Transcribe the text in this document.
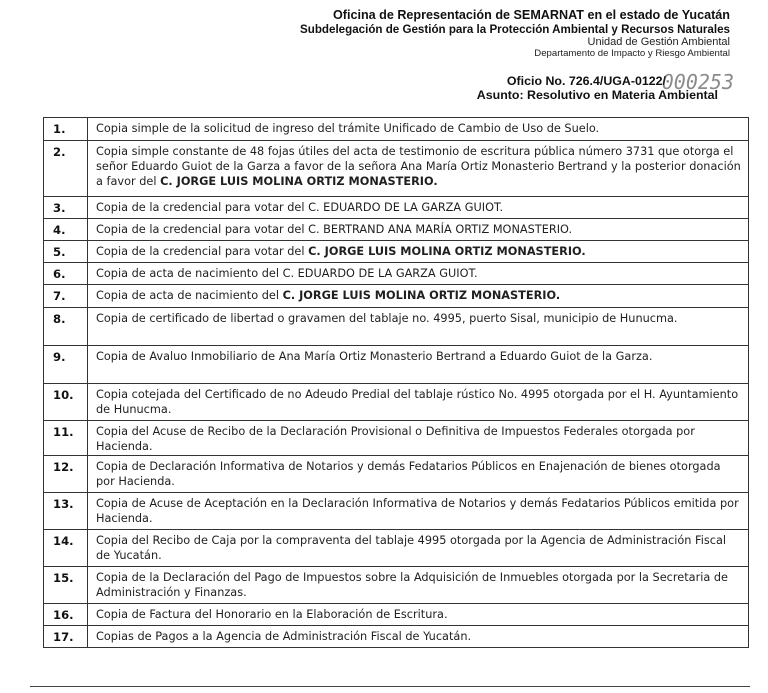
Oficina de Representación de SEMARNAT en el estado de Yucatán
Subdelegación de Gestión para la Protección Ambiental y Recursos Naturales
Unidad de Gestión Ambiental
Departamento de Impacto y Riesgo Ambiental
Oficio No. 726.4/UGA-0122/
Asunto: Resolutivo en Materia Ambiental
000253
1.	Copia simple de la solicitud de ingreso del trámite Unificado de Cambio de Uso de Suelo.
2.	Copia simple constante de 48 fojas útiles del acta de testimonio de escritura pública número 3731 que otorga el señor Eduardo Guiot de la Garza a favor de la señora Ana María Ortiz Monasterio Bertrand y la posterior donación a favor del C. JORGE LUIS MOLINA ORTIZ MONASTERIO.
3.	Copia de la credencial para votar del C. EDUARDO DE LA GARZA GUIOT.
4.	Copia de la credencial para votar del C. BERTRAND ANA MARÍA ORTIZ MONASTERIO.
5.	Copia de la credencial para votar del C. JORGE LUIS MOLINA ORTIZ MONASTERIO.
6.	Copia de acta de nacimiento del C. EDUARDO DE LA GARZA GUIOT.
7.	Copia de acta de nacimiento del C. JORGE LUIS MOLINA ORTIZ MONASTERIO.
8.	Copia de certificado de libertad o gravamen del tablaje no. 4995, puerto Sisal, municipio de Hunucma.
9.	Copia de Avaluo Inmobiliario de Ana María Ortiz Monasterio Bertrand a Eduardo Guiot de la Garza.
10.	Copia cotejada del Certificado de no Adeudo Predial del tablaje rústico No. 4995 otorgada por el H. Ayuntamiento de Hunucma.
11.	Copia del Acuse de Recibo de la Declaración Provisional o Definitiva de Impuestos Federales otorgada por Hacienda.
12.	Copia de Declaración Informativa de Notarios y demás Fedatarios Públicos en Enajenación de bienes otorgada por Hacienda.
13.	Copia de Acuse de Aceptación en la Declaración Informativa de Notarios y demás Fedatarios Públicos emitida por Hacienda.
14.	Copia del Recibo de Caja por la compraventa del tablaje 4995 otorgada por la Agencia de Administración Fiscal de Yucatán.
15.	Copia de la Declaración del Pago de Impuestos sobre la Adquisición de Inmuebles otorgada por la Secretaria de Administración y Finanzas.
16.	Copia de Factura del Honorario en la Elaboración de Escritura.
17.	Copias de Pagos a la Agencia de Administración Fiscal de Yucatán.
